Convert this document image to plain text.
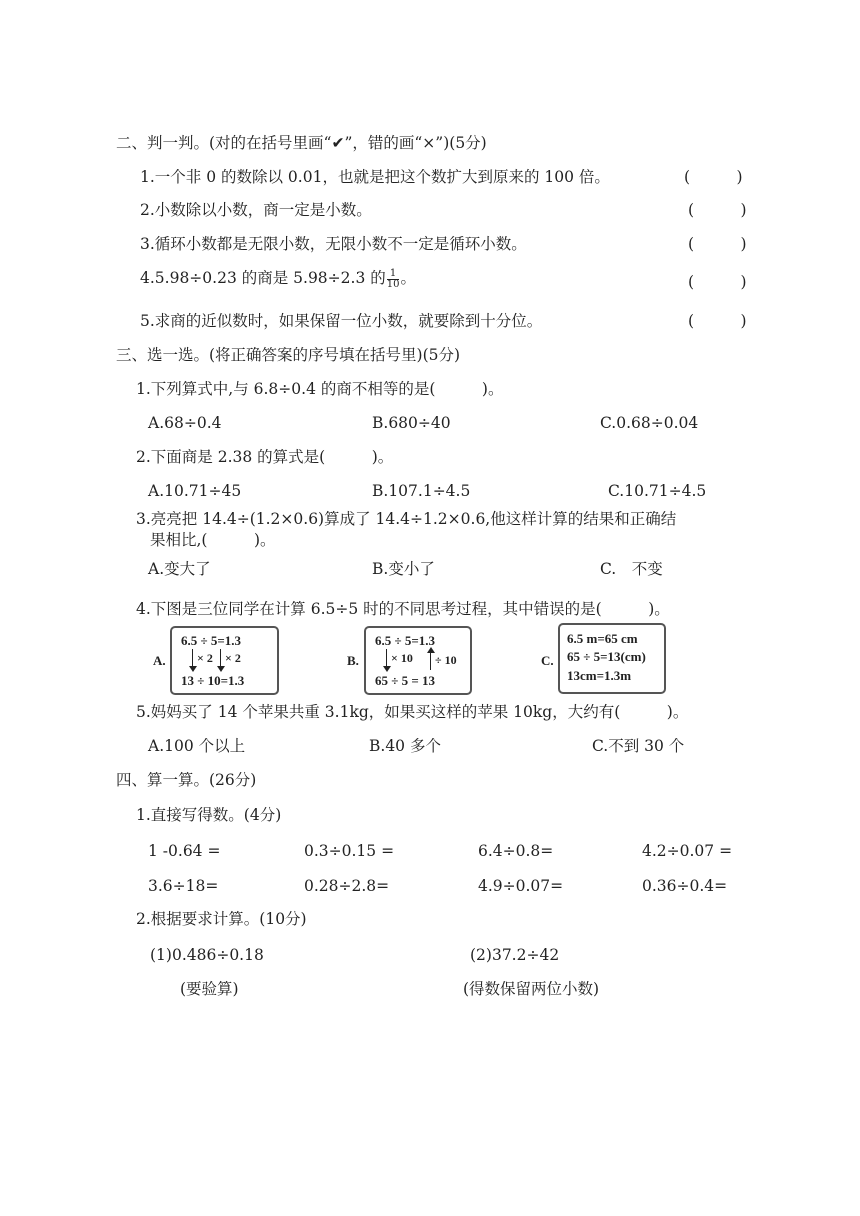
二、判一判。(对的在括号里画“✔”，错的画“×”)(5分)
1.一个非 0 的数除以 0.01，也就是把这个数扩大到原来的 100 倍。	(　　　)
2.小数除以小数，商一定是小数。	(　　　)
3.循环小数都是无限小数，无限小数不一定是循环小数。	(　　　)
4.5.98÷0.23 的商是 5.98÷2.3 的 $\frac{1}{10}$ 。	(　　　)
5.求商的近似数时，如果保留一位小数，就要除到十分位。	(　　　)
三、选一选。(将正确答案的序号填在括号里)(5分)
1.下列算式中,与 6.8÷0.4 的商不相等的是(　　　)。
A.68÷0.4	B.680÷40	C.0.68÷0.04
2.下面商是 2.38 的算式是(　　　)。
A.10.71÷45	B.107.1÷4.5	C.10.71÷4.5
3.亮亮把 14.4÷(1.2×0.6)算成了 14.4÷1.2×0.6,他这样计算的结果和正确结
果相比,(　　　)。
A.变大了	B.变小了	C.　不变
4.下图是三位同学在计算 6.5÷5 时的不同思考过程，其中错误的是(　　　)。
A.
6.5 ÷ 5=1.3
× 2 × 2
13 ÷ 10=1.3
B.
6.5 ÷ 5=1.3
× 10 ÷ 10
65 ÷ 5 = 13
C.
6.5 m=65 cm
65 ÷ 5=13(cm)
13cm=1.3m
5.妈妈买了 14 个苹果共重 3.1kg，如果买这样的苹果 10kg，大约有(　　　)。
A.100 个以上	B.40 多个	C.不到 30 个
四、算一算。(26分)
1.直接写得数。(4分)
1 -0.64 =	0.3÷0.15 =	6.4÷0.8=	4.2÷0.07 =
3.6÷18=	0.28÷2.8=	4.9÷0.07=	0.36÷0.4=
2.根据要求计算。(10分)
(1)0.486÷0.18	(2)37.2÷42
(要验算)	(得数保留两位小数)
